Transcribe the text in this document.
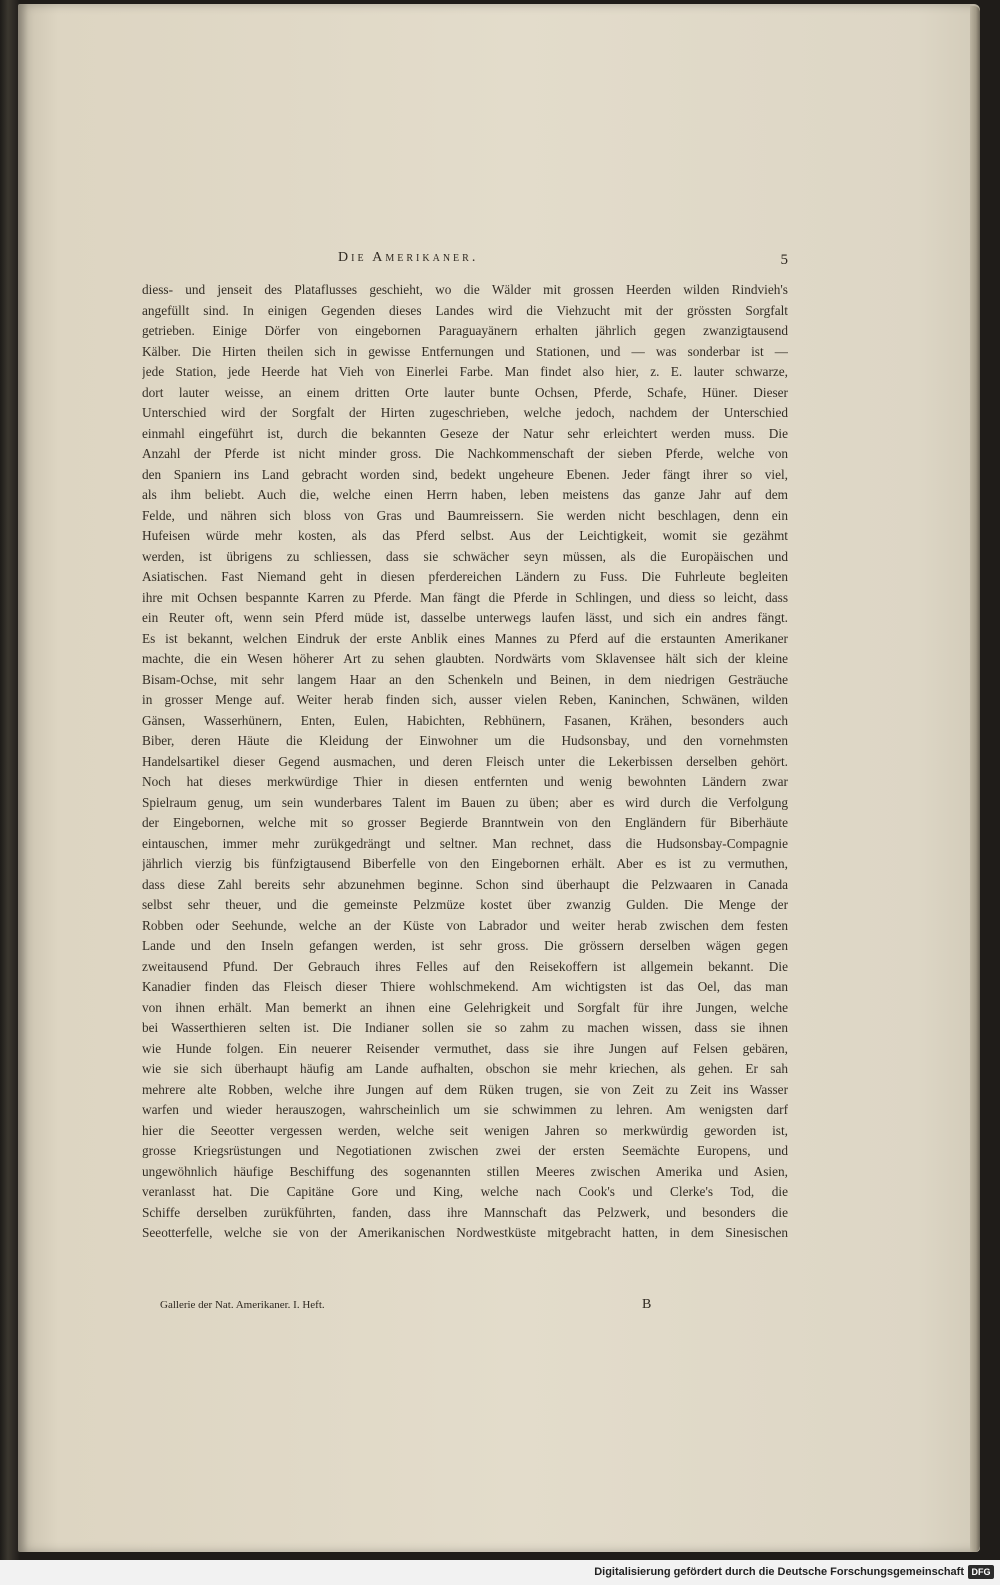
Die Amerikaner.	5
diess- und jenseit des Plataflusses geschieht, wo die Wälder mit grossen Heerden wilden Rindvieh's
angefüllt sind. In einigen Gegenden dieses Landes wird die Viehzucht mit der grössten Sorgfalt
getrieben. Einige Dörfer von eingebornen Paraguayänern erhalten jährlich gegen zwanzigtausend
Kälber. Die Hirten theilen sich in gewisse Entfernungen und Stationen, und — was sonderbar ist —
jede Station, jede Heerde hat Vieh von Einerlei Farbe. Man findet also hier, z. E. lauter schwarze,
dort lauter weisse, an einem dritten Orte lauter bunte Ochsen, Pferde, Schafe, Hüner. Dieser
Unterschied wird der Sorgfalt der Hirten zugeschrieben, welche jedoch, nachdem der Unterschied
einmahl eingeführt ist, durch die bekannten Geseze der Natur sehr erleichtert werden muss. Die
Anzahl der Pferde ist nicht minder gross. Die Nachkommenschaft der sieben Pferde, welche von
den Spaniern ins Land gebracht worden sind, bedekt ungeheure Ebenen. Jeder fängt ihrer so viel,
als ihm beliebt. Auch die, welche einen Herrn haben, leben meistens das ganze Jahr auf dem
Felde, und nähren sich bloss von Gras und Baumreissern. Sie werden nicht beschlagen, denn ein
Hufeisen würde mehr kosten, als das Pferd selbst. Aus der Leichtigkeit, womit sie gezähmt
werden, ist übrigens zu schliessen, dass sie schwächer seyn müssen, als die Europäischen und
Asiatischen. Fast Niemand geht in diesen pferdereichen Ländern zu Fuss. Die Fuhrleute begleiten
ihre mit Ochsen bespannte Karren zu Pferde. Man fängt die Pferde in Schlingen, und diess so leicht, dass
ein Reuter oft, wenn sein Pferd müde ist, dasselbe unterwegs laufen lässt, und sich ein andres fängt.
Es ist bekannt, welchen Eindruk der erste Anblik eines Mannes zu Pferd auf die erstaunten Amerikaner
machte, die ein Wesen höherer Art zu sehen glaubten. Nordwärts vom Sklavensee hält sich der kleine
Bisam-Ochse, mit sehr langem Haar an den Schenkeln und Beinen, in dem niedrigen Gesträuche
in grosser Menge auf. Weiter herab finden sich, ausser vielen Reben, Kaninchen, Schwänen, wilden
Gänsen, Wasserhünern, Enten, Eulen, Habichten, Rebhünern, Fasanen, Krähen, besonders auch
Biber, deren Häute die Kleidung der Einwohner um die Hudsonsbay, und den vornehmsten
Handelsartikel dieser Gegend ausmachen, und deren Fleisch unter die Lekerbissen derselben gehört.
Noch hat dieses merkwürdige Thier in diesen entfernten und wenig bewohnten Ländern zwar
Spielraum genug, um sein wunderbares Talent im Bauen zu üben; aber es wird durch die Verfolgung
der Eingebornen, welche mit so grosser Begierde Branntwein von den Engländern für Biberhäute
eintauschen, immer mehr zurükgedrängt und seltner. Man rechnet, dass die Hudsonsbay-Compagnie
jährlich vierzig bis fünfzigtausend Biberfelle von den Eingebornen erhält. Aber es ist zu vermuthen,
dass diese Zahl bereits sehr abzunehmen beginne. Schon sind überhaupt die Pelzwaaren in Canada
selbst sehr theuer, und die gemeinste Pelzmüze kostet über zwanzig Gulden. Die Menge der
Robben oder Seehunde, welche an der Küste von Labrador und weiter herab zwischen dem festen
Lande und den Inseln gefangen werden, ist sehr gross. Die grössern derselben wägen gegen
zweitausend Pfund. Der Gebrauch ihres Felles auf den Reisekoffern ist allgemein bekannt. Die
Kanadier finden das Fleisch dieser Thiere wohlschmekend. Am wichtigsten ist das Oel, das man
von ihnen erhält. Man bemerkt an ihnen eine Gelehrigkeit und Sorgfalt für ihre Jungen, welche
bei Wasserthieren selten ist. Die Indianer sollen sie so zahm zu machen wissen, dass sie ihnen
wie Hunde folgen. Ein neuerer Reisender vermuthet, dass sie ihre Jungen auf Felsen gebären,
wie sie sich überhaupt häufig am Lande aufhalten, obschon sie mehr kriechen, als gehen. Er sah
mehrere alte Robben, welche ihre Jungen auf dem Rüken trugen, sie von Zeit zu Zeit ins Wasser
warfen und wieder herauszogen, wahrscheinlich um sie schwimmen zu lehren. Am wenigsten darf
hier die Seeotter vergessen werden, welche seit wenigen Jahren so merkwürdig geworden ist,
grosse Kriegsrüstungen und Negotiationen zwischen zwei der ersten Seemächte Europens, und
ungewöhnlich häufige Beschiffung des sogenannten stillen Meeres zwischen Amerika und Asien,
veranlasst hat. Die Capitäne Gore und King, welche nach Cook's und Clerke's Tod, die
Schiffe derselben zurükführten, fanden, dass ihre Mannschaft das Pelzwerk, und besonders die
Seeotterfelle, welche sie von der Amerikanischen Nordwestküste mitgebracht hatten, in dem Sinesischen
Gallerie der Nat. Amerikaner. I. Heft.	B
Digitalisierung gefördert durch die Deutsche Forschungsgemeinschaft DFG
